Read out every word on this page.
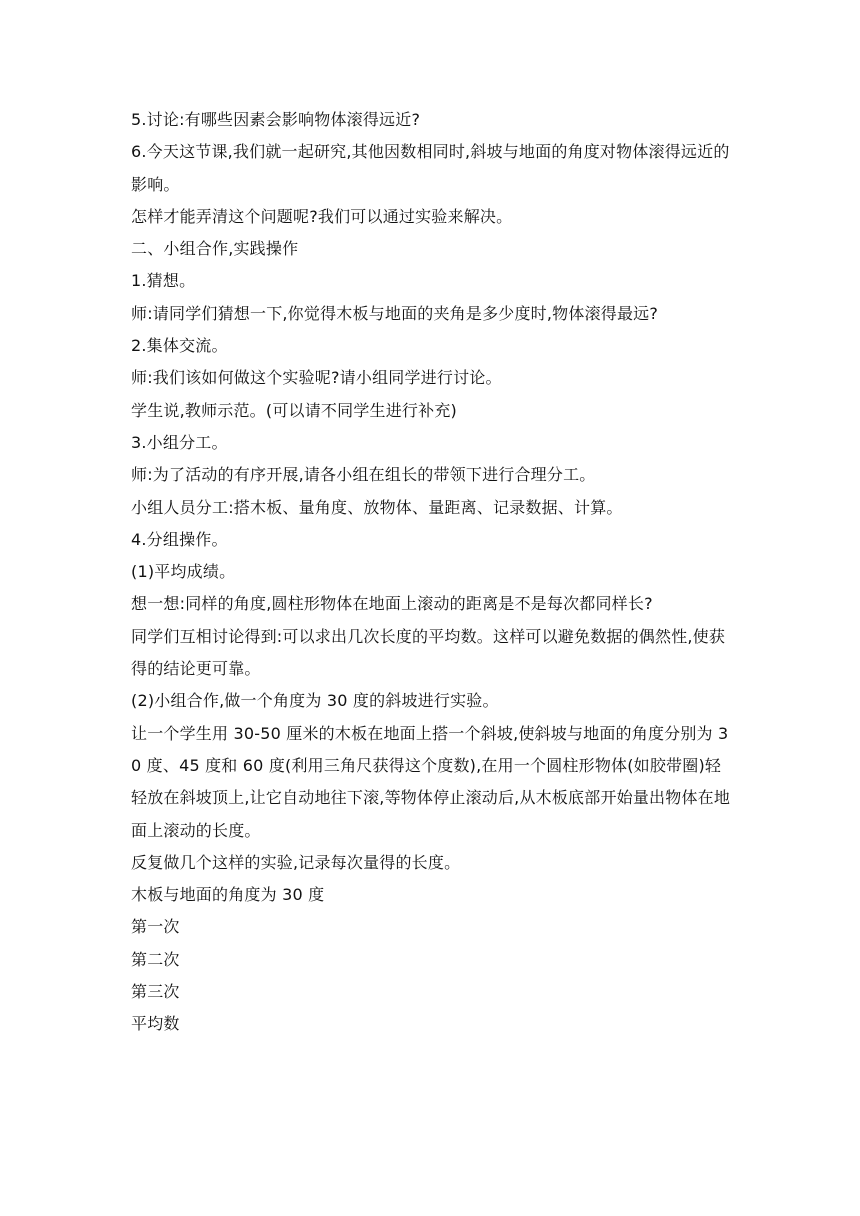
5.讨论:有哪些因素会影响物体滚得远近?

6.今天这节课,我们就一起研究,其他因数相同时,斜坡与地面的角度对物体滚得远近的影响。

怎样才能弄清这个问题呢?我们可以通过实验来解决。

二、小组合作,实践操作

1.猜想。

师:请同学们猜想一下,你觉得木板与地面的夹角是多少度时,物体滚得最远?

2.集体交流。

师:我们该如何做这个实验呢?请小组同学进行讨论。

学生说,教师示范。(可以请不同学生进行补充)

3.小组分工。

师:为了活动的有序开展,请各小组在组长的带领下进行合理分工。

小组人员分工:搭木板、量角度、放物体、量距离、记录数据、计算。

4.分组操作。

(1)平均成绩。

想一想:同样的角度,圆柱形物体在地面上滚动的距离是不是每次都同样长?

同学们互相讨论得到:可以求出几次长度的平均数。这样可以避免数据的偶然性,使获得的结论更可靠。

(2)小组合作,做一个角度为 30 度的斜坡进行实验。

让一个学生用 30-50 厘米的木板在地面上搭一个斜坡,使斜坡与地面的角度分别为 30 度、45 度和 60 度(利用三角尺获得这个度数),在用一个圆柱形物体(如胶带圈)轻轻放在斜坡顶上,让它自动地往下滚,等物体停止滚动后,从木板底部开始量出物体在地面上滚动的长度。

反复做几个这样的实验,记录每次量得的长度。

木板与地面的角度为 30 度

第一次

第二次

第三次

平均数
